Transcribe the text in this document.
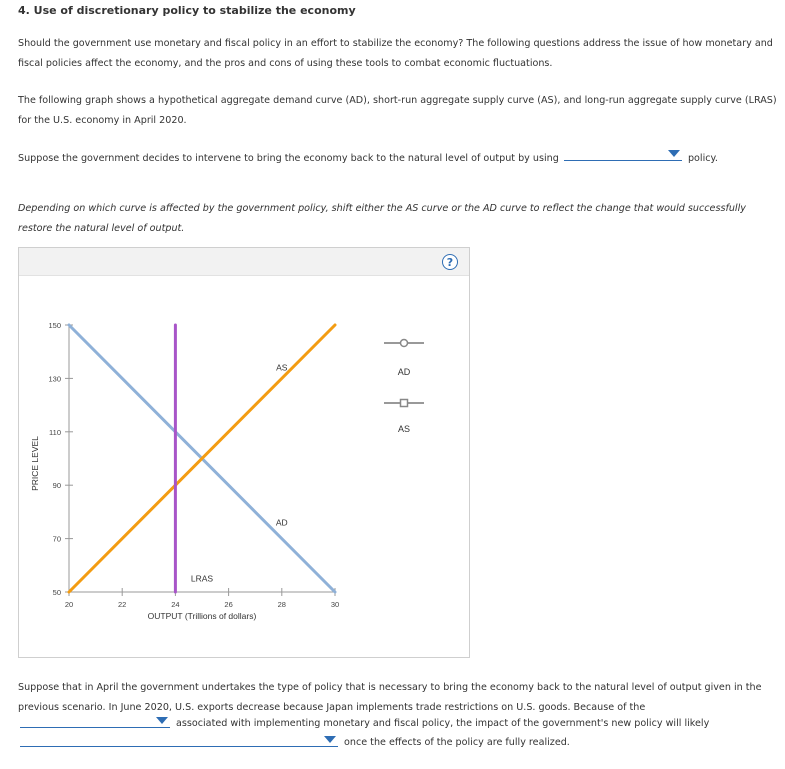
4. Use of discretionary policy to stabilize the economy
Should the government use monetary and fiscal policy in an effort to stabilize the economy? The following questions address the issue of how monetary and fiscal policies affect the economy, and the pros and cons of using these tools to combat economic fluctuations.
The following graph shows a hypothetical aggregate demand curve (AD), short-run aggregate supply curve (AS), and long-run aggregate supply curve (LRAS) for the U.S. economy in April 2020.
Suppose the government decides to intervene to bring the economy back to the natural level of output by using	policy.
Depending on which curve is affected by the government policy, shift either the AS curve or the AD curve to reflect the change that would successfully restore the natural level of output.
?
50
70
90
110
130
150
20	22	24	26	28	30
OUTPUT (Trillions of dollars)
PRICE LEVEL
AD
AS
LRAS
AD
AS
Suppose that in April the government undertakes the type of policy that is necessary to bring the economy back to the natural level of output given in the previous scenario. In June 2020, U.S. exports decrease because Japan implements trade restrictions on U.S. goods. Because of the
associated with implementing monetary and fiscal policy, the impact of the government's new policy will likely
once the effects of the policy are fully realized.
